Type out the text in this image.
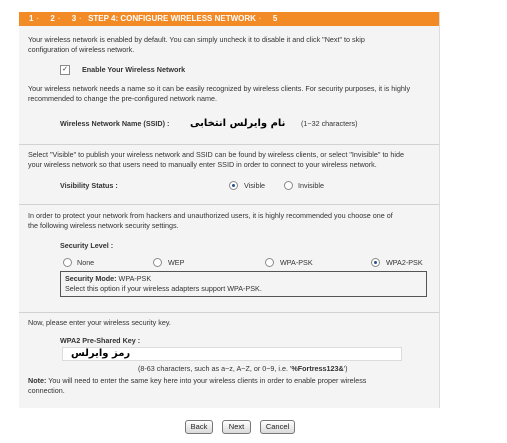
1 · 2 · 3 · STEP 4: CONFIGURE WIRELESS NETWORK · 5
Your wireless network is enabled by default. You can simply uncheck it to disable it and click "Next" to skip
configuration of wireless network.
✓ Enable Your Wireless Network
Your wireless network needs a name so it can be easily recognized by wireless clients. For security purposes, it is highly
recommended to change the pre-configured network name.
Wireless Network Name (SSID) : نام وایرلس انتخابی (1~32 characters)
Select "Visible" to publish your wireless network and SSID can be found by wireless clients, or select "Invisible" to hide
your wireless network so that users need to manually enter SSID in order to connect to your wireless network.
Visibility Status :	Visible	Invisible
In order to protect your network from hackers and unauthorized users, it is highly recommended you choose one of
the following wireless network security settings.
Security Level :
None	WEP	WPA-PSK	WPA2-PSK
Security Mode: WPA-PSK
Select this option if your wireless adapters support WPA-PSK.
Now, please enter your wireless security key.
WPA2 Pre-Shared Key :
رمز وایرلس
(8-63 characters, such as a~z, A~Z, or 0~9, i.e. '%Fortress123&')
Note: You will need to enter the same key here into your wireless clients in order to enable proper wireless
connection.
Back	Next	Cancel
